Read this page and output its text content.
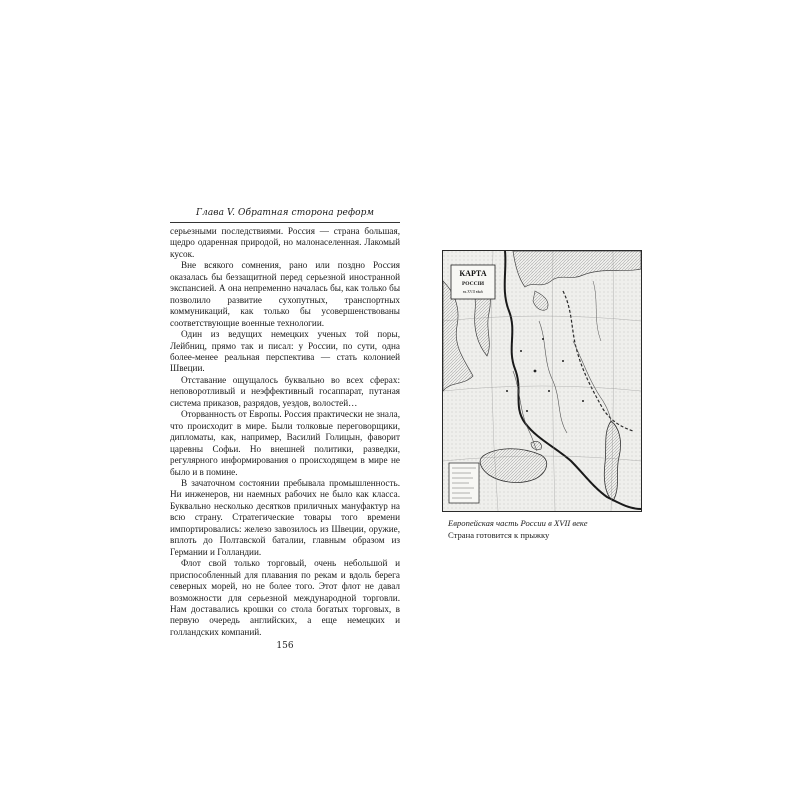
Глава V. Обратная сторона реформ

серьезными последствиями. Россия — страна большая, щедро одаренная природой, но малонаселенная. Лакомый кусок.

Вне всякого сомнения, рано или поздно Россия оказалась бы беззащитной перед серьезной иностранной экспансией. А она непременно началась бы, как только бы позволило развитие сухопутных, транспортных коммуникаций, как только бы усовершенствованы соответствующие военные технологии.

Один из ведущих немецких ученых той поры, Лейбниц, прямо так и писал: у России, по сути, одна более-менее реальная перспектива — стать колонией Швеции.

Отставание ощущалось буквально во всех сферах: неповоротливый и неэффективный госаппарат, путаная система приказов, разрядов, уездов, волостей…

Оторванность от Европы. Россия практически не знала, что происходит в мире. Были толковые переговорщики, дипломаты, как, например, Василий Голицын, фаворит царевны Софьи. Но внешней политики, разведки, регулярного информирования о происходящем в мире не было и в помине.

В зачаточном состоянии пребывала промышленность. Ни инженеров, ни наемных рабочих не было как класса. Буквально несколько десятков приличных мануфактур на всю страну. Стратегические товары того времени импортировались: железо завозилось из Швеции, оружие, вплоть до Полтавской баталии, главным образом из Германии и Голландии.

Флот свой только торговый, очень небольшой и приспособленный для плавания по рекам и вдоль берега северных морей, но не более того. Этот флот не давал возможности для серьезной международной торговли. Нам доставались крошки со стола богатых торговых, в первую очередь английских, а еще немецких и голландских компаний.

156
КАРТА
РОССІИ
въ XVII вѣкѣ
Европейская часть России в XVII веке
Страна готовится к прыжку
